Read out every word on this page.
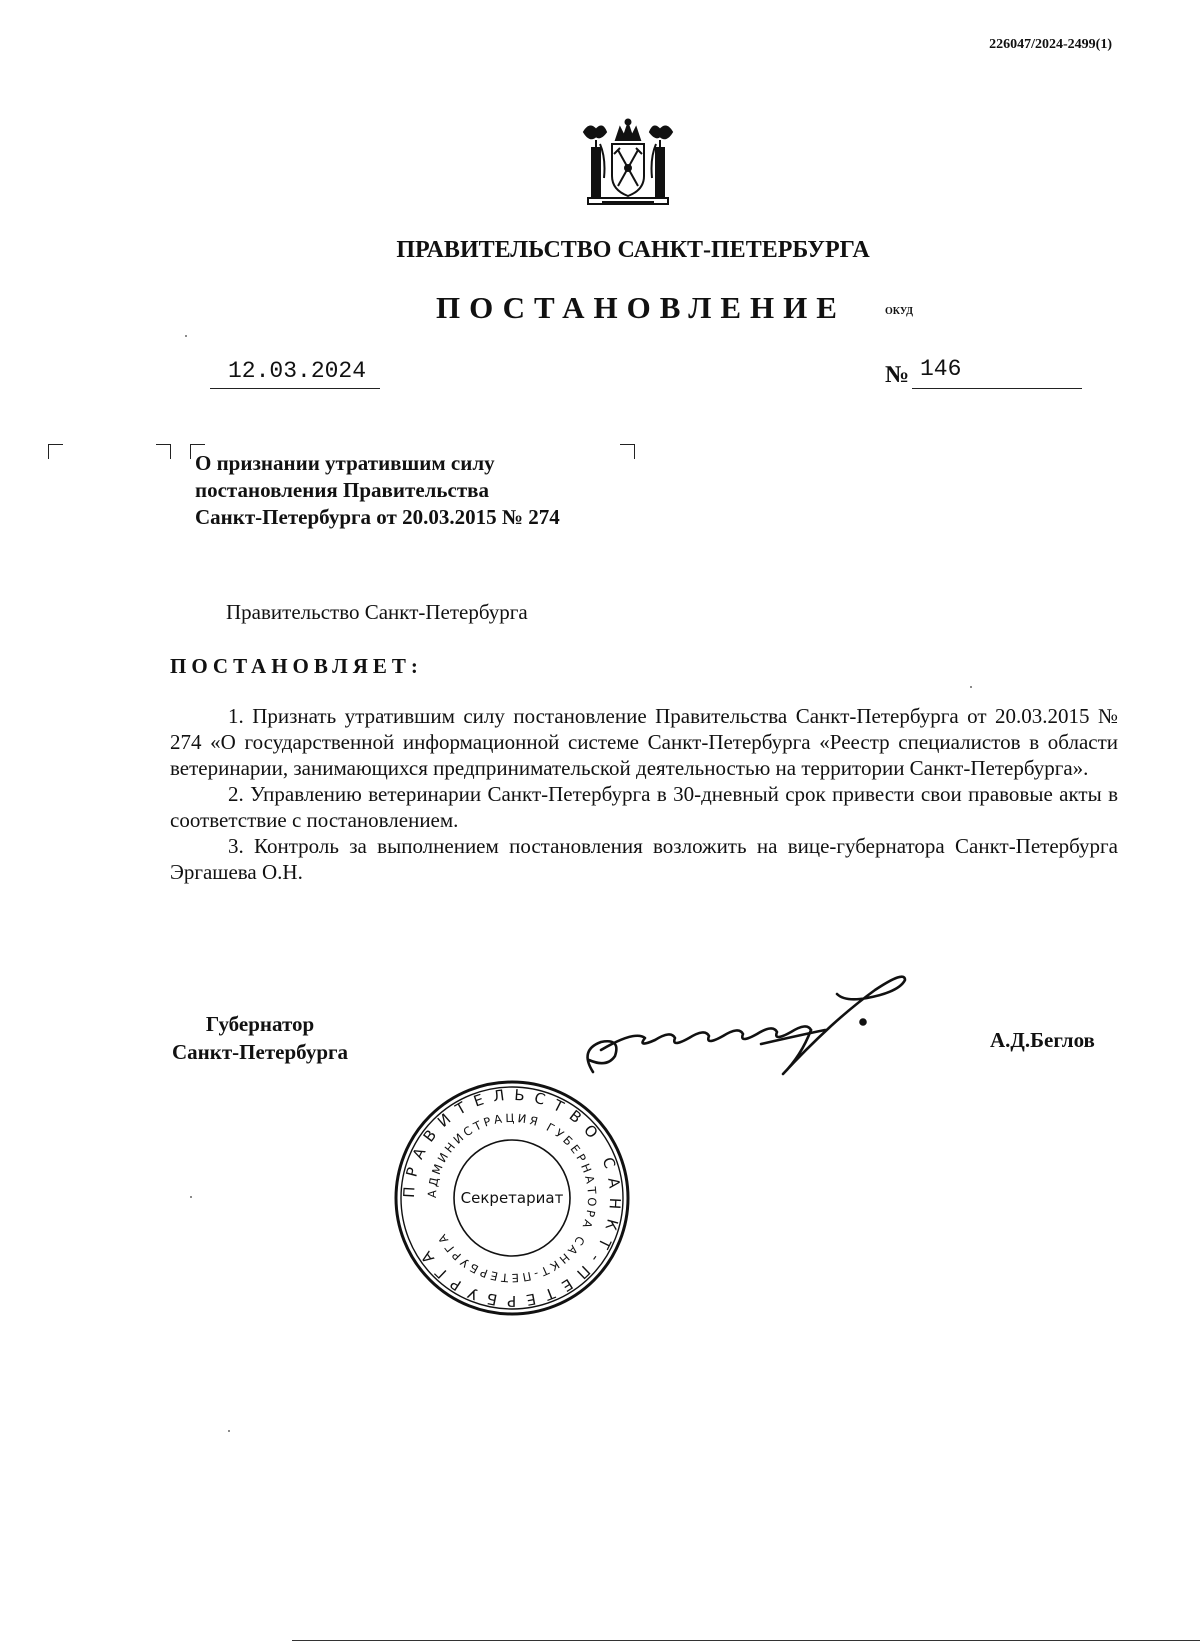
226047/2024-2499(1)
ПРАВИТЕЛЬСТВО САНКТ-ПЕТЕРБУРГА
ПОСТАНОВЛЕНИЕ	ОКУД
12.03.2024	№ 146
О признании утратившим силу
постановления Правительства
Санкт-Петербурга от 20.03.2015 № 274
Правительство Санкт-Петербурга
ПОСТАНОВЛЯЕТ:

1. Признать утратившим силу постановление Правительства Санкт-Петербурга от 20.03.2015 № 274 «О государственной информационной системе Санкт-Петербурга «Реестр специалистов в области ветеринарии, занимающихся предпринимательской деятельностью на территории Санкт-Петербурга».

2. Управлению ветеринарии Санкт-Петербурга в 30-дневный срок привести свои правовые акты в соответствие с постановлением.

3. Контроль за выполнением постановления возложить на вице-губернатора Санкт-Петербурга Эргашева О.Н.

Губернатор
Санкт-Петербурга	А.Д.Беглов
ПРАВИТЕЛЬСТВО САНКТ-ПЕТЕРБУРГА
АДМИНИСТРАЦИЯ ГУБЕРНАТОРА САНКТ-ПЕТЕРБУРГА
Секретариат
